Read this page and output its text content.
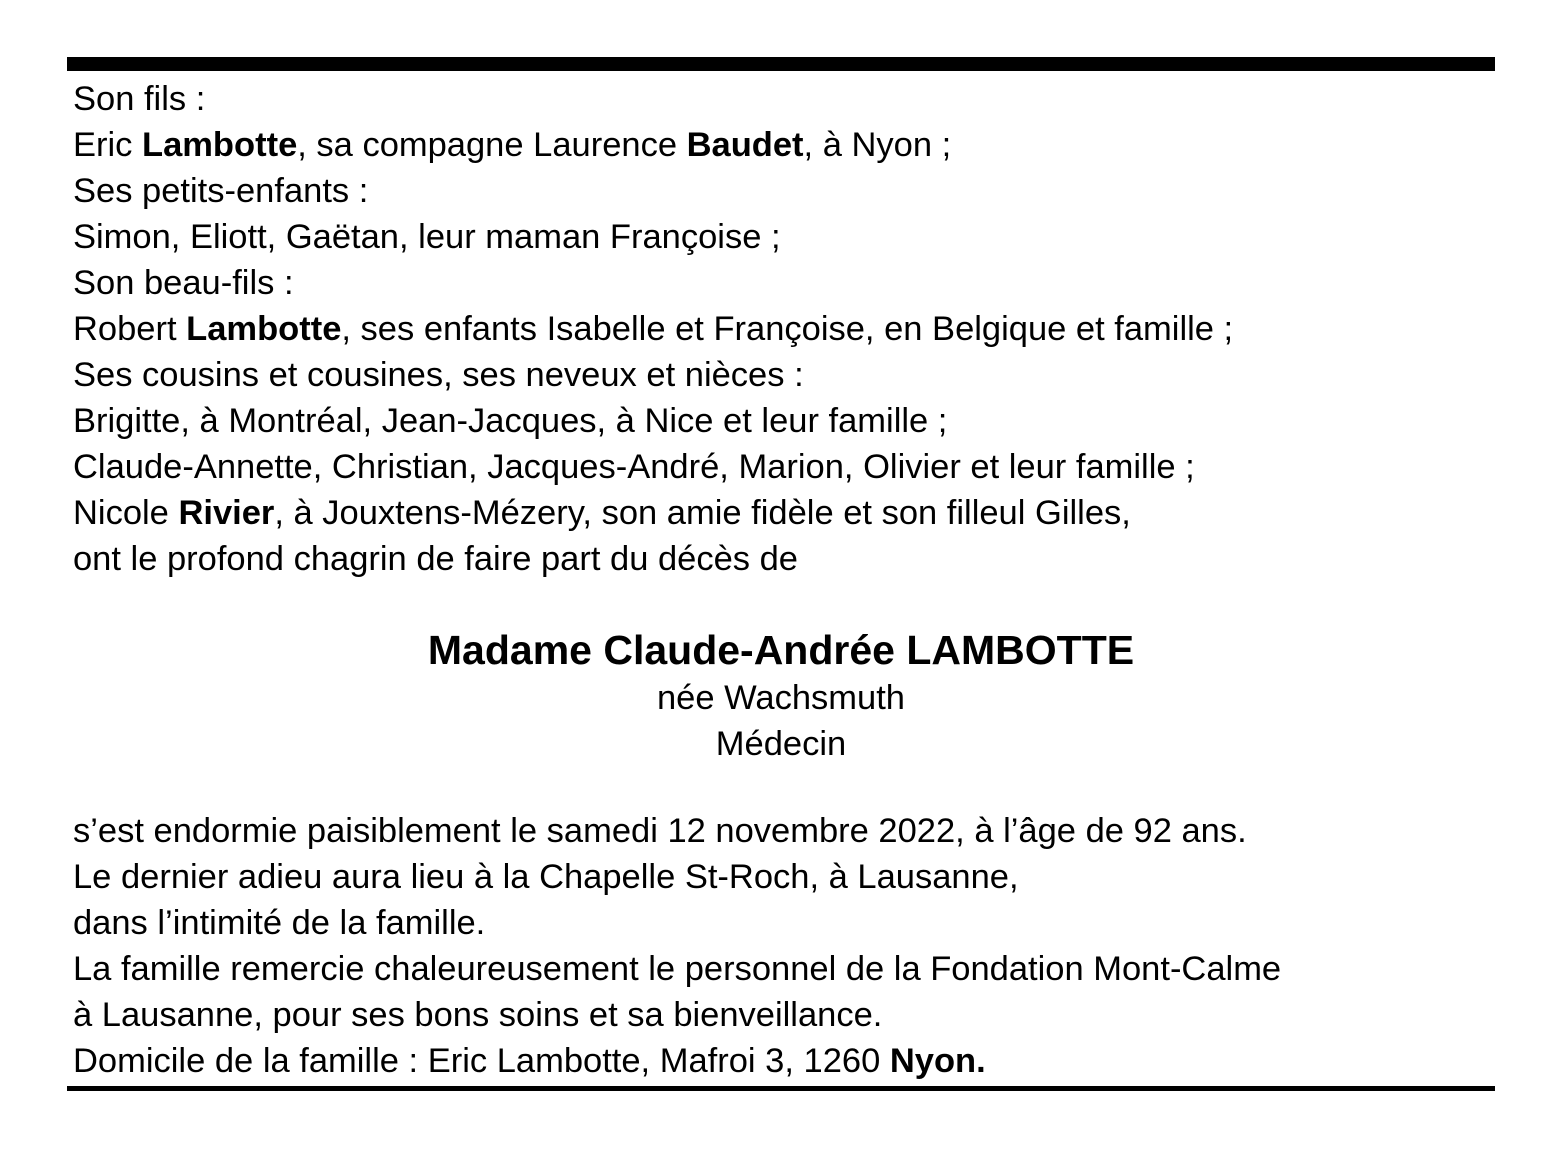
Son fils :
Eric Lambotte, sa compagne Laurence Baudet, à Nyon ;
Ses petits-enfants :
Simon, Eliott, Gaëtan, leur maman Françoise ;
Son beau-fils :
Robert Lambotte, ses enfants Isabelle et Françoise, en Belgique et famille ;
Ses cousins et cousines, ses neveux et nièces :
Brigitte, à Montréal, Jean-Jacques, à Nice et leur famille ;
Claude-Annette, Christian, Jacques-André, Marion, Olivier et leur famille ;
Nicole Rivier, à Jouxtens-Mézery, son amie fidèle et son filleul Gilles,
ont le profond chagrin de faire part du décès de
Madame Claude-Andrée LAMBOTTE
née Wachsmuth
Médecin
s’est endormie paisiblement le samedi 12 novembre 2022, à l’âge de 92 ans.
Le dernier adieu aura lieu à la Chapelle St-Roch, à Lausanne,
dans l’intimité de la famille.
La famille remercie chaleureusement le personnel de la Fondation Mont-Calme
à Lausanne, pour ses bons soins et sa bienveillance.
Domicile de la famille : Eric Lambotte, Mafroi 3, 1260 Nyon.
